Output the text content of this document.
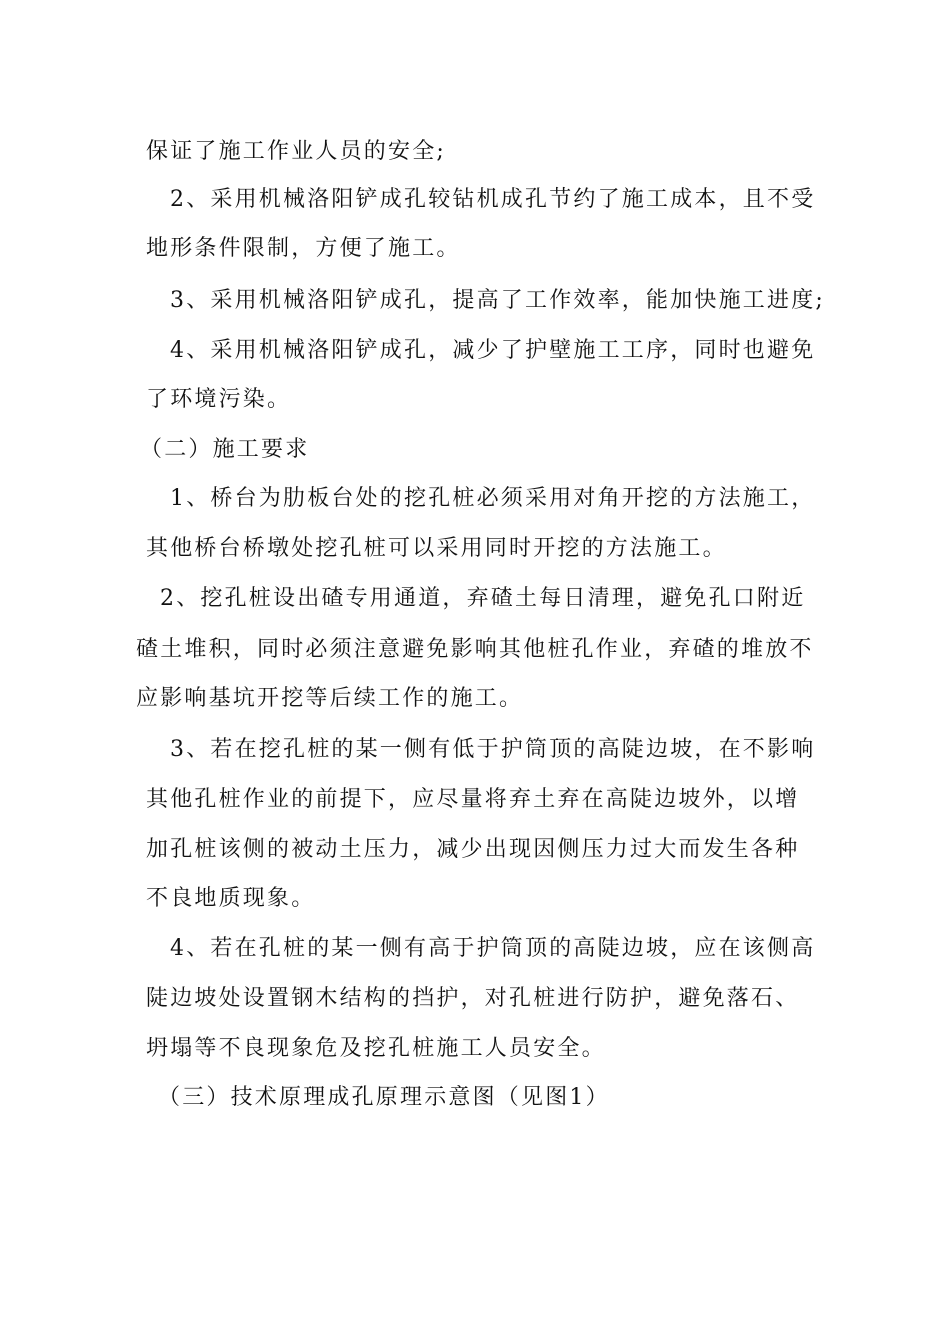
保证了施工作业人员的安全;

2、采用机械洛阳铲成孔较钻机成孔节约了施工成本，且不受

地形条件限制，方便了施工。

3、采用机械洛阳铲成孔，提高了工作效率，能加快施工进度;

4、采用机械洛阳铲成孔，减少了护壁施工工序，同时也避免

了环境污染。

（二）施工要求

1、桥台为肋板台处的挖孔桩必须采用对角开挖的方法施工，

其他桥台桥墩处挖孔桩可以采用同时开挖的方法施工。

2、挖孔桩设出碴专用通道，弃碴土每日清理，避免孔口附近

碴土堆积，同时必须注意避免影响其他桩孔作业，弃碴的堆放不

应影响基坑开挖等后续工作的施工。

3、若在挖孔桩的某一侧有低于护筒顶的高陡边坡，在不影响

其他孔桩作业的前提下，应尽量将弃土弃在高陡边坡外，以增

加孔桩该侧的被动土压力，减少出现因侧压力过大而发生各种

不良地质现象。

4、若在孔桩的某一侧有高于护筒顶的高陡边坡，应在该侧高

陡边坡处设置钢木结构的挡护，对孔桩进行防护，避免落石、

坍塌等不良现象危及挖孔桩施工人员安全。

（三）技术原理成孔原理示意图（见图1）
